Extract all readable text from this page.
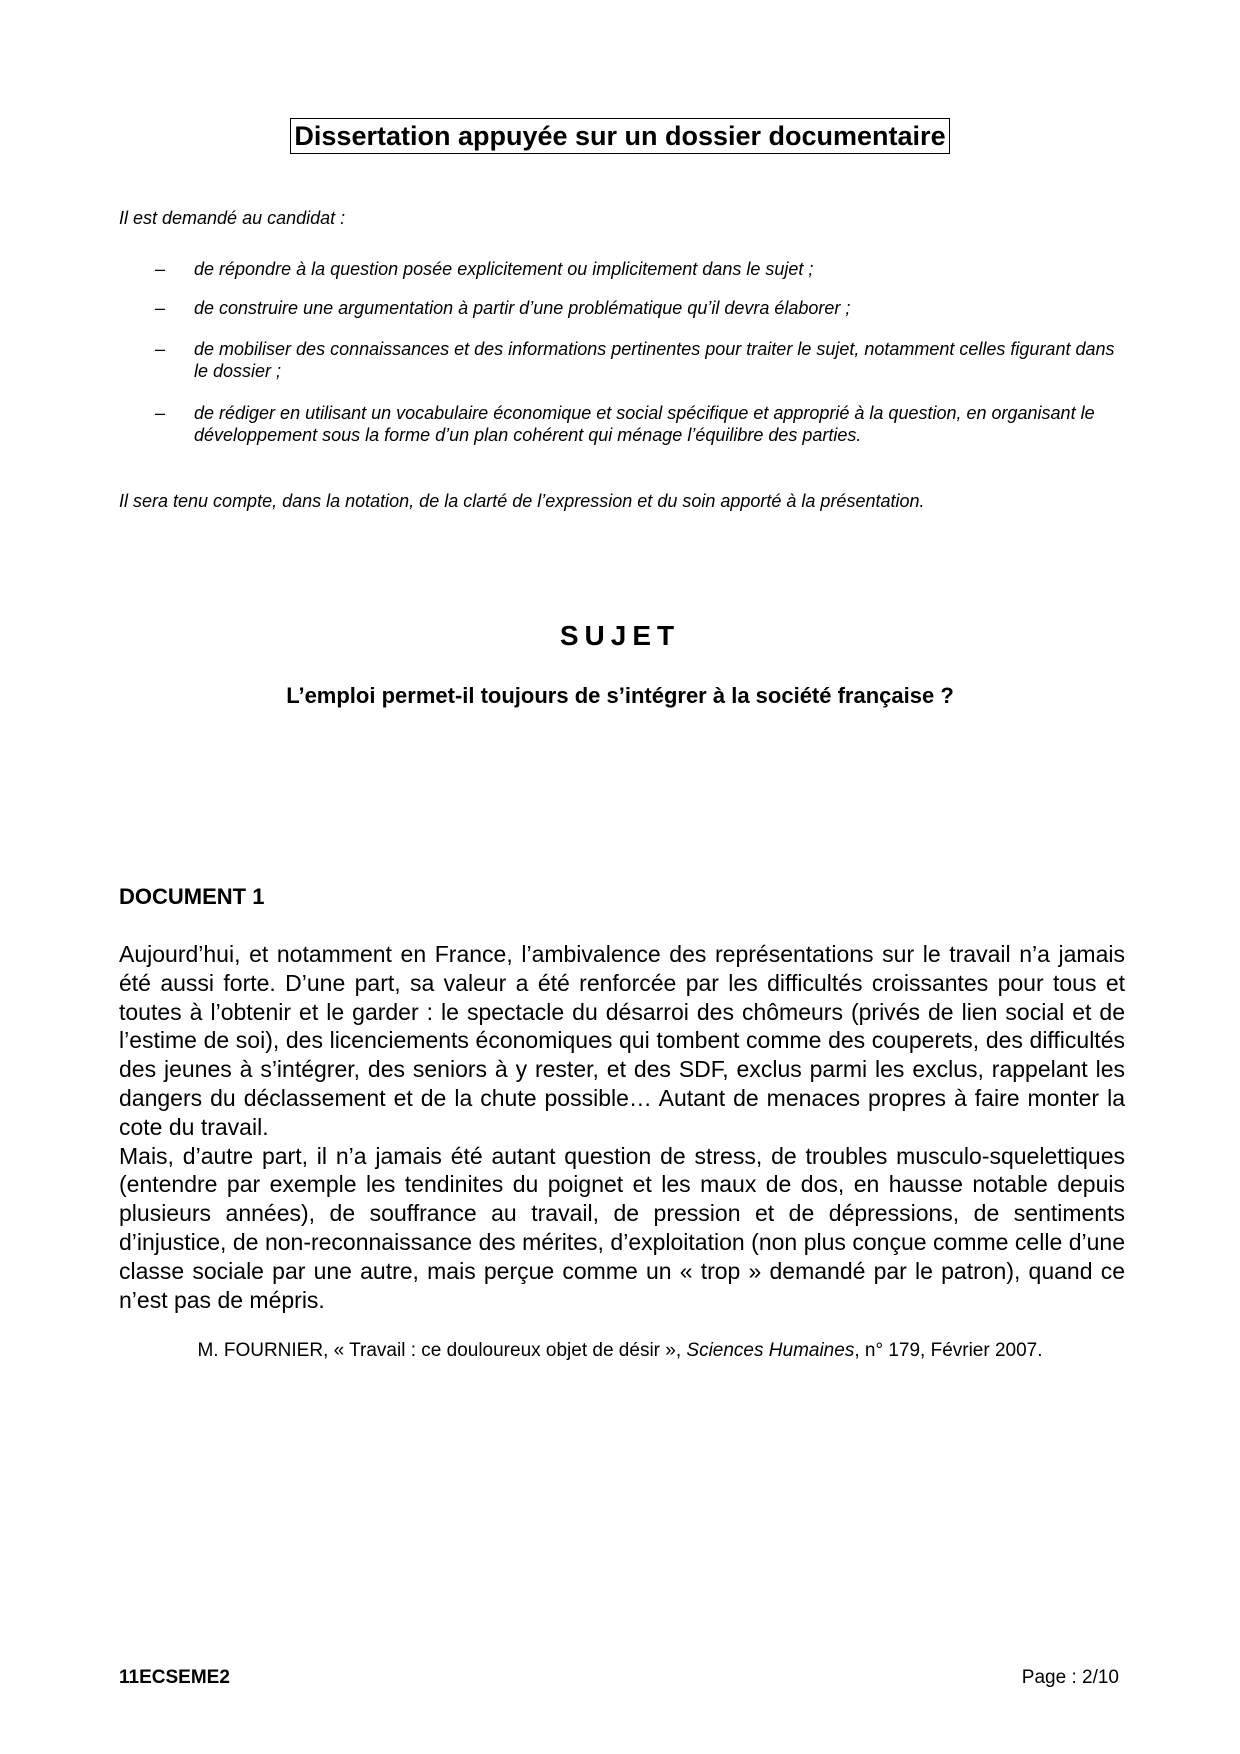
Dissertation appuyée sur un dossier documentaire
Il est demandé au candidat :
– de répondre à la question posée explicitement ou implicitement dans le sujet ;
– de construire une argumentation à partir d’une problématique qu’il devra élaborer ;
– de mobiliser des connaissances et des informations pertinentes pour traiter le sujet, notamment celles figurant dans le dossier ;
– de rédiger en utilisant un vocabulaire économique et social spécifique et approprié à la question, en organisant le développement sous la forme d’un plan cohérent qui ménage l’équilibre des parties.
Il sera tenu compte, dans la notation, de la clarté de l’expression et du soin apporté à la présentation.
SUJET
L’emploi permet-il toujours de s’intégrer à la société française ?
DOCUMENT 1

Aujourd’hui, et notamment en France, l’ambivalence des représentations sur le travail n’a jamais été aussi forte. D’une part, sa valeur a été renforcée par les difficultés croissantes pour tous et toutes à l’obtenir et le garder : le spectacle du désarroi des chômeurs (privés de lien social et de l’estime de soi), des licenciements économiques qui tombent comme des couperets, des difficultés des jeunes à s’intégrer, des seniors à y rester, et des SDF, exclus parmi les exclus, rappelant les dangers du déclassement et de la chute possible… Autant de menaces propres à faire monter la cote du travail.

Mais, d’autre part, il n’a jamais été autant question de stress, de troubles musculo-squelettiques (entendre par exemple les tendinites du poignet et les maux de dos, en hausse notable depuis plusieurs années), de souffrance au travail, de pression et de dépressions, de sentiments d’injustice, de non-reconnaissance des mérites, d’exploitation (non plus conçue comme celle d’une classe sociale par une autre, mais perçue comme un « trop » demandé par le patron), quand ce n’est pas de mépris.

M. FOURNIER, « Travail : ce douloureux objet de désir », Sciences Humaines, n° 179, Février 2007.
11ECSEME2	Page : 2/10
